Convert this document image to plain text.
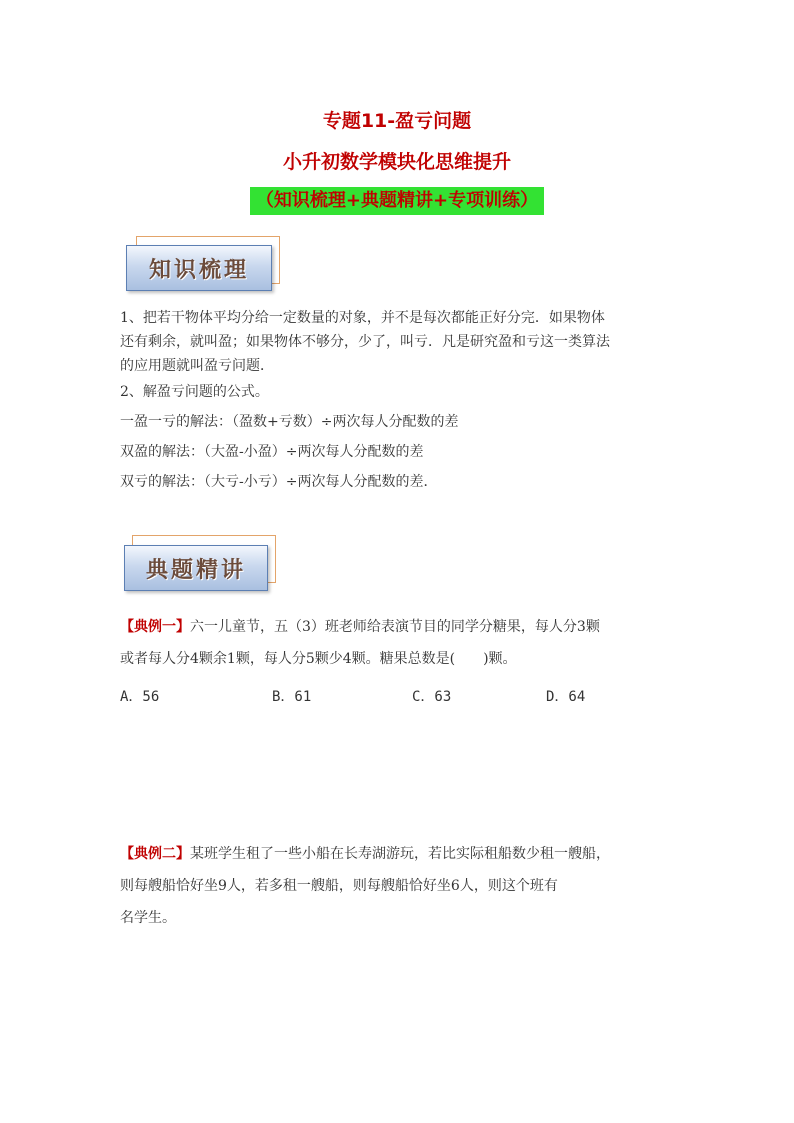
专题11-盈亏问题
小升初数学模块化思维提升
（知识梳理+典题精讲+专项训练）
知识梳理
1、把若干物体平均分给一定数量的对象，并不是每次都能正好分完．如果物体
还有剩余，就叫盈；如果物体不够分，少了，叫亏．凡是研究盈和亏这一类算法
的应用题就叫盈亏问题．
2、解盈亏问题的公式。
一盈一亏的解法：（盈数+亏数）÷两次每人分配数的差
双盈的解法：（大盈-小盈）÷两次每人分配数的差
双亏的解法：（大亏-小亏）÷两次每人分配数的差．
典题精讲
【典例一】六一儿童节，五（3）班老师给表演节目的同学分糖果，每人分3颗
或者每人分4颗余1颗，每人分5颗少4颗。糖果总数是(　　)颗。
A．56	B．61	C．63	D．64
【典例二】某班学生租了一些小船在长寿湖游玩，若比实际租船数少租一艘船，
则每艘船恰好坐9人，若多租一艘船，则每艘船恰好坐6人，则这个班有
名学生。
